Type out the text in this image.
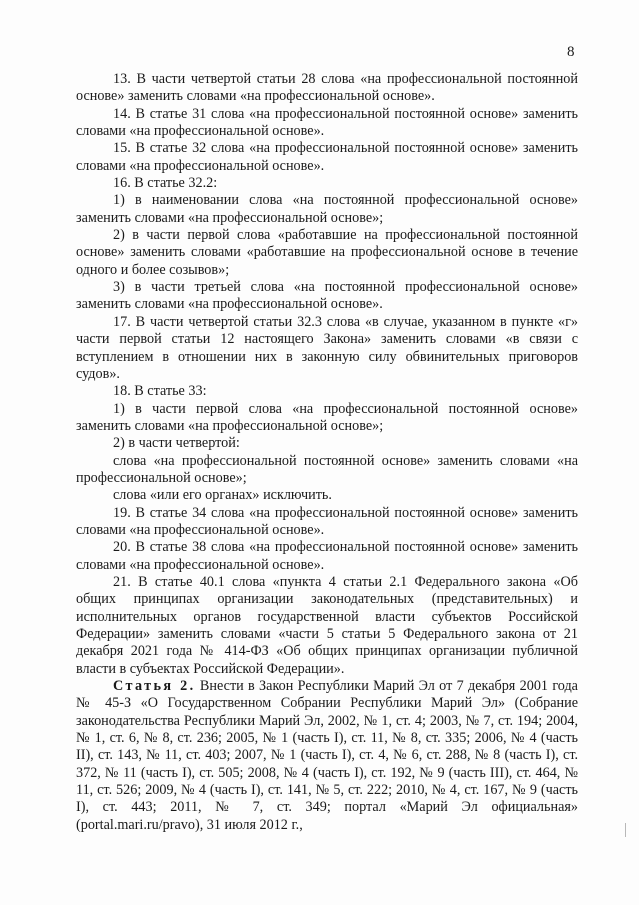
8

13. В части четвертой статьи 28 слова «на профессиональной постоянной основе» заменить словами «на профессиональной основе».

14. В статье 31 слова «на профессиональной постоянной основе» заменить словами «на профессиональной основе».

15. В статье 32 слова «на профессиональной постоянной основе» заменить словами «на профессиональной основе».

16. В статье 32.2:

1) в наименовании слова «на постоянной профессиональной основе» заменить словами «на профессиональной основе»;

2) в части первой слова «работавшие на профессиональной постоянной основе» заменить словами «работавшие на профессиональной основе в течение одного и более созывов»;

3) в части третьей слова «на постоянной профессиональной основе» заменить словами «на профессиональной основе».

17. В части четвертой статьи 32.3 слова «в случае, указанном в пункте «г» части первой статьи 12 настоящего Закона» заменить словами «в связи с вступлением в отношении них в законную силу обвинительных приговоров судов».

18. В статье 33:

1) в части первой слова «на профессиональной постоянной основе» заменить словами «на профессиональной основе»;

2) в части четвертой:

слова «на профессиональной постоянной основе» заменить словами «на профессиональной основе»;

слова «или его органах» исключить.

19. В статье 34 слова «на профессиональной постоянной основе» заменить словами «на профессиональной основе».

20. В статье 38 слова «на профессиональной постоянной основе» заменить словами «на профессиональной основе».

21. В статье 40.1 слова «пункта 4 статьи 2.1 Федерального закона «Об общих принципах организации законодательных (представительных) и исполнительных органов государственной власти субъектов Российской Федерации» заменить словами «части 5 статьи 5 Федерального закона от 21 декабря 2021 года № 414-ФЗ «Об общих принципах организации публичной власти в субъектах Российской Федерации».

Статья 2. Внести в Закон Республики Марий Эл от 7 декабря 2001 года № 45-З «О Государственном Собрании Республики Марий Эл» (Собрание законодательства Республики Марий Эл, 2002, № 1, ст. 4; 2003, № 7, ст. 194; 2004, № 1, ст. 6, № 8, ст. 236; 2005, № 1 (часть I), ст. 11, № 8, ст. 335; 2006, № 4 (часть II), ст. 143, № 11, ст. 403; 2007, № 1 (часть I), ст. 4, № 6, ст. 288, № 8 (часть I), ст. 372, № 11 (часть I), ст. 505; 2008, № 4 (часть I), ст. 192, № 9 (часть III), ст. 464, № 11, ст. 526; 2009, № 4 (часть I), ст. 141, № 5, ст. 222; 2010, № 4, ст. 167, № 9 (часть I), ст. 443; 2011, № 7, ст. 349; портал «Марий Эл официальная» (portal.mari.ru/pravo), 31 июля 2012 г.,
